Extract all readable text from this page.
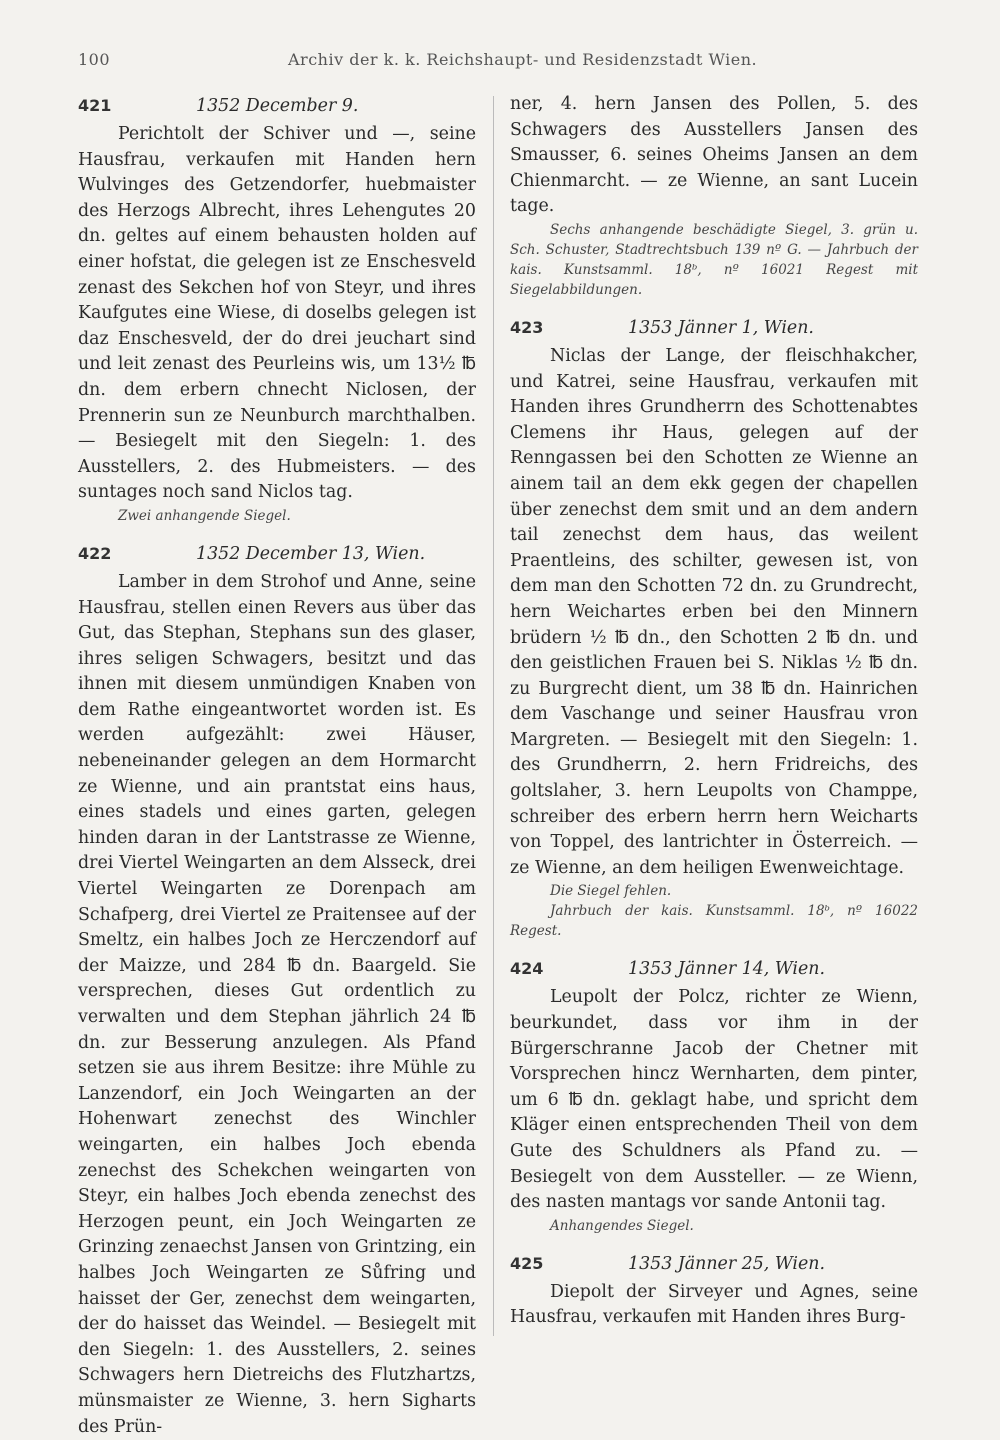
100	Archiv der k. k. Reichshaupt- und Residenzstadt Wien.
421	1352 December 9.

Perichtolt der Schiver und —, seine Hausfrau, verkaufen mit Handen hern Wulvinges des Getzendorfer, huebmaister des Herzogs Albrecht, ihres Lehengutes 20 dn. geltes auf einem behausten holden auf einer hofstat, die gelegen ist ze Enschesveld zenast des Sekchen hof von Steyr, und ihres Kaufgutes eine Wiese, di doselbs gelegen ist daz Enschesveld, der do drei jeuchart sind und leit zenast des Peurleins wis, um 13½ ℔ dn. dem erbern chnecht Niclosen, der Prennerin sun ze Neunburch marchthalben. — Besiegelt mit den Siegeln: 1. des Ausstellers, 2. des Hubmeisters. — des suntages noch sand Niclos tag.

Zwei anhangende Siegel.

422	1352 December 13, Wien.

Lamber in dem Strohof und Anne, seine Hausfrau, stellen einen Revers aus über das Gut, das Stephan, Stephans sun des glaser, ihres seligen Schwagers, besitzt und das ihnen mit diesem unmündigen Knaben von dem Rathe eingeantwortet worden ist. Es werden aufgezählt: zwei Häuser, nebeneinander gelegen an dem Hormarcht ze Wienne, und ain prantstat eins haus, eines stadels und eines garten, gelegen hinden daran in der Lantstrasse ze Wienne, drei Viertel Weingarten an dem Alsseck, drei Viertel Weingarten ze Dorenpach am Schafperg, drei Viertel ze Praitensee auf der Smeltz, ein halbes Joch ze Herczendorf auf der Maizze, und 284 ℔ dn. Baargeld. Sie versprechen, dieses Gut ordentlich zu verwalten und dem Stephan jährlich 24 ℔ dn. zur Besserung anzulegen. Als Pfand setzen sie aus ihrem Besitze: ihre Mühle zu Lanzendorf, ein Joch Weingarten an der Hohenwart zenechst des Winchler weingarten, ein halbes Joch ebenda zenechst des Schekchen weingarten von Steyr, ein halbes Joch ebenda zenechst des Herzogen peunt, ein Joch Weingarten ze Grinzing zenaechst Jansen von Grintzing, ein halbes Joch Weingarten ze Sůfring und haisset der Ger, zenechst dem weingarten, der do haisset das Weindel. — Besiegelt mit den Siegeln: 1. des Ausstellers, 2. seines Schwagers hern Dietreichs des Flutzhartzs, münsmaister ze Wienne, 3. hern Sigharts des Prün-

ner, 4. hern Jansen des Pollen, 5. des Schwagers des Ausstellers Jansen des Smausser, 6. seines Oheims Jansen an dem Chienmarcht. — ze Wienne, an sant Lucein tage.

Sechs anhangende beschädigte Siegel, 3. grün u. Sch. Schuster, Stadtrechtsbuch 139 nº G. — Jahrbuch der kais. Kunstsamml. 18ᵇ, nº 16021 Regest mit Siegelabbildungen.

423	1353 Jänner 1, Wien.

Niclas der Lange, der fleischhakcher, und Katrei, seine Hausfrau, verkaufen mit Handen ihres Grundherrn des Schottenabtes Clemens ihr Haus, gelegen auf der Renngassen bei den Schotten ze Wienne an ainem tail an dem ekk gegen der chapellen über zenechst dem smit und an dem andern tail zenechst dem haus, das weilent Praentleins, des schilter, gewesen ist, von dem man den Schotten 72 dn. zu Grundrecht, hern Weichartes erben bei den Minnern brüdern ½ ℔ dn., den Schotten 2 ℔ dn. und den geistlichen Frauen bei S. Niklas ½ ℔ dn. zu Burgrecht dient, um 38 ℔ dn. Hainrichen dem Vaschange und seiner Hausfrau vron Margreten. — Besiegelt mit den Siegeln: 1. des Grundherrn, 2. hern Fridreichs, des goltslaher, 3. hern Leupolts von Champpe, schreiber des erbern herrn hern Weicharts von Toppel, des lantrichter in Österreich. — ze Wienne, an dem heiligen Ewenweichtage.

Die Siegel fehlen.

Jahrbuch der kais. Kunstsamml. 18ᵇ, nº 16022 Regest.

424	1353 Jänner 14, Wien.

Leupolt der Polcz, richter ze Wienn, beurkundet, dass vor ihm in der Bürgerschranne Jacob der Chetner mit Vorsprechen hincz Wernharten, dem pinter, um 6 ℔ dn. geklagt habe, und spricht dem Kläger einen entsprechenden Theil von dem Gute des Schuldners als Pfand zu. — Besiegelt von dem Aussteller. — ze Wienn, des nasten mantags vor sande Antonii tag.

Anhangendes Siegel.

425	1353 Jänner 25, Wien.

Diepolt der Sirveyer und Agnes, seine Hausfrau, verkaufen mit Handen ihres Burg-
